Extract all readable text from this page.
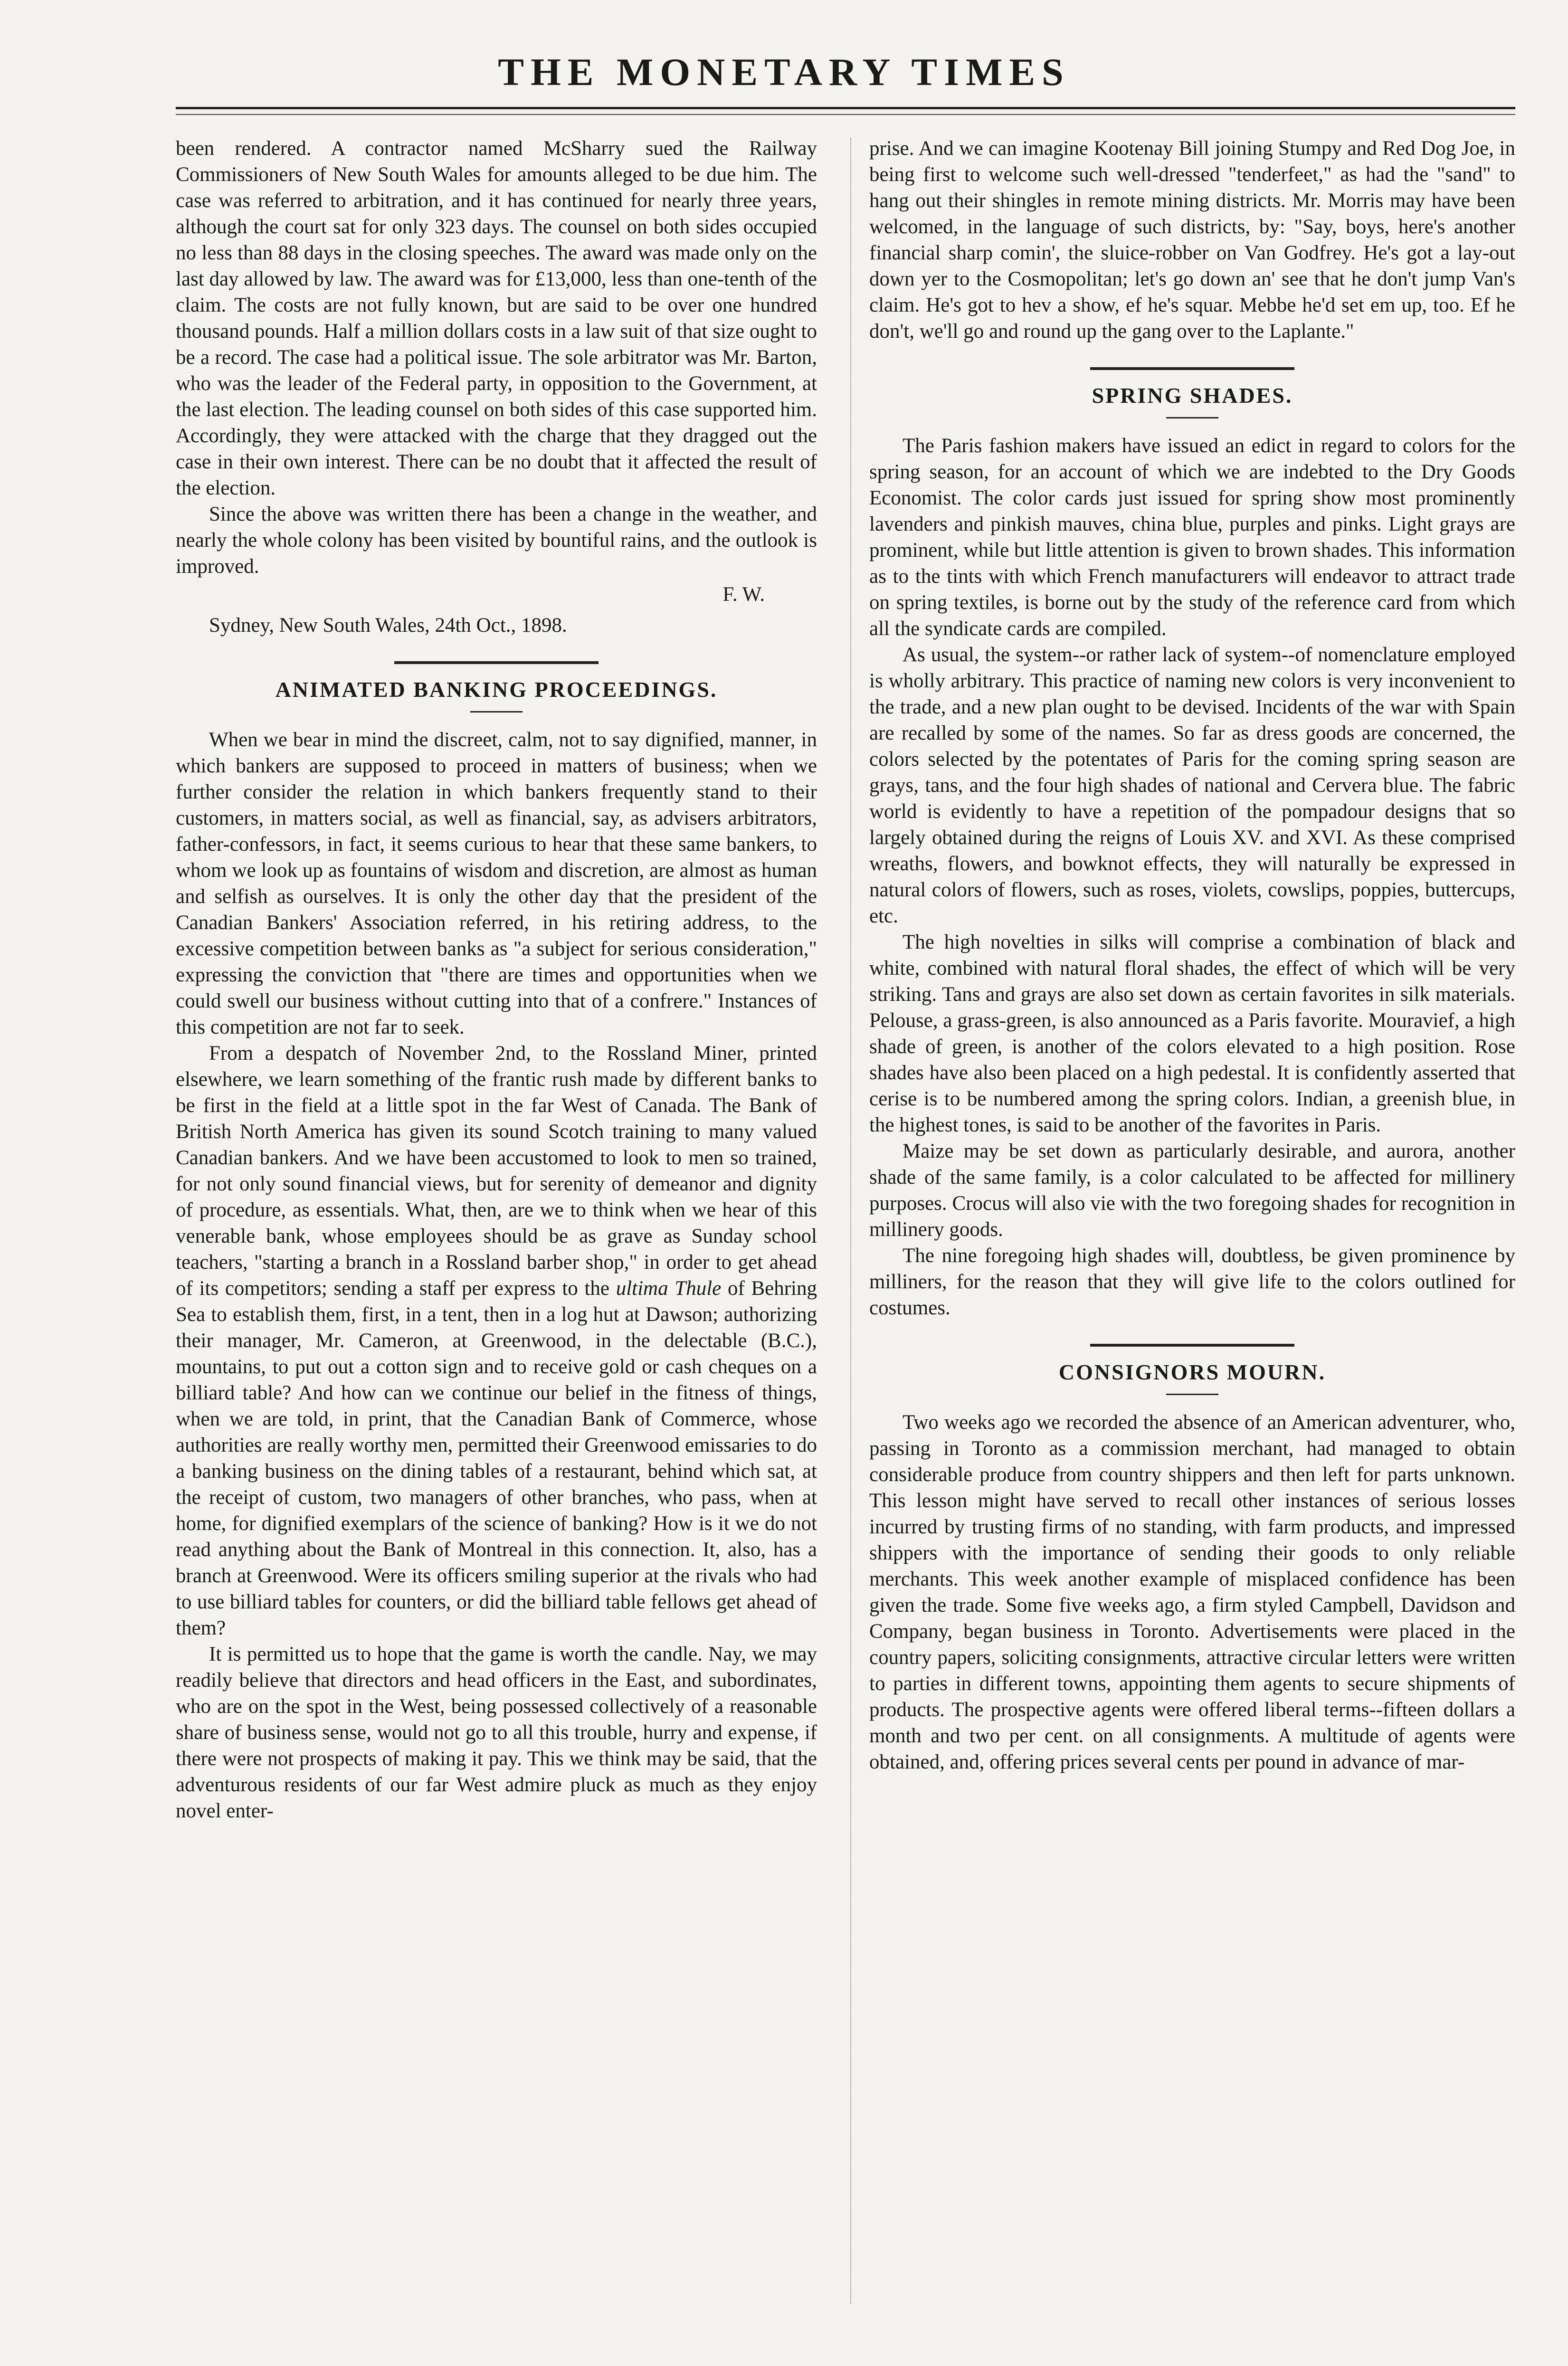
THE MONETARY TIMES

been rendered. A contractor named McSharry sued the Railway Commissioners of New South Wales for amounts alleged to be due him. The case was referred to arbitration, and it has continued for nearly three years, although the court sat for only 323 days. The counsel on both sides occupied no less than 88 days in the closing speeches. The award was made only on the last day allowed by law. The award was for £13,000, less than one-tenth of the claim. The costs are not fully known, but are said to be over one hundred thousand pounds. Half a million dollars costs in a law suit of that size ought to be a record. The case had a political issue. The sole arbitrator was Mr. Barton, who was the leader of the Federal party, in opposition to the Government, at the last election. The leading counsel on both sides of this case supported him. Accordingly, they were attacked with the charge that they dragged out the case in their own interest. There can be no doubt that it affected the result of the election.

Since the above was written there has been a change in the weather, and nearly the whole colony has been visited by bountiful rains, and the outlook is improved.

F. W.

Sydney, New South Wales, 24th Oct., 1898.

ANIMATED BANKING PROCEEDINGS.

When we bear in mind the discreet, calm, not to say dignified, manner, in which bankers are supposed to proceed in matters of business; when we further consider the relation in which bankers frequently stand to their customers, in matters social, as well as financial, say, as advisers arbitrators, father-confessors, in fact, it seems curious to hear that these same bankers, to whom we look up as fountains of wisdom and discretion, are almost as human and selfish as ourselves. It is only the other day that the president of the Canadian Bankers' Association referred, in his retiring address, to the excessive competition between banks as "a subject for serious consideration," expressing the conviction that "there are times and opportunities when we could swell our business without cutting into that of a confrere." Instances of this competition are not far to seek.

From a despatch of November 2nd, to the Rossland Miner, printed elsewhere, we learn something of the frantic rush made by different banks to be first in the field at a little spot in the far West of Canada. The Bank of British North America has given its sound Scotch training to many valued Canadian bankers. And we have been accustomed to look to men so trained, for not only sound financial views, but for serenity of demeanor and dignity of procedure, as essentials. What, then, are we to think when we hear of this venerable bank, whose employees should be as grave as Sunday school teachers, "starting a branch in a Rossland barber shop," in order to get ahead of its competitors; sending a staff per express to the ultima Thule of Behring Sea to establish them, first, in a tent, then in a log hut at Dawson; authorizing their manager, Mr. Cameron, at Greenwood, in the delectable (B.C.), mountains, to put out a cotton sign and to receive gold or cash cheques on a billiard table? And how can we continue our belief in the fitness of things, when we are told, in print, that the Canadian Bank of Commerce, whose authorities are really worthy men, permitted their Greenwood emissaries to do a banking business on the dining tables of a restaurant, behind which sat, at the receipt of custom, two managers of other branches, who pass, when at home, for dignified exemplars of the science of banking? How is it we do not read anything about the Bank of Montreal in this connection. It, also, has a branch at Greenwood. Were its officers smiling superior at the rivals who had to use billiard tables for counters, or did the billiard table fellows get ahead of them?

It is permitted us to hope that the game is worth the candle. Nay, we may readily believe that directors and head officers in the East, and subordinates, who are on the spot in the West, being possessed collectively of a reasonable share of business sense, would not go to all this trouble, hurry and expense, if there were not prospects of making it pay. This we think may be said, that the adventurous residents of our far West admire pluck as much as they enjoy novel enter-

prise. And we can imagine Kootenay Bill joining Stumpy and Red Dog Joe, in being first to welcome such well-dressed "tenderfeet," as had the "sand" to hang out their shingles in remote mining districts. Mr. Morris may have been welcomed, in the language of such districts, by: "Say, boys, here's another financial sharp comin', the sluice-robber on Van Godfrey. He's got a lay-out down yer to the Cosmopolitan; let's go down an' see that he don't jump Van's claim. He's got to hev a show, ef he's squar. Mebbe he'd set em up, too. Ef he don't, we'll go and round up the gang over to the Laplante."

SPRING SHADES.

The Paris fashion makers have issued an edict in regard to colors for the spring season, for an account of which we are indebted to the Dry Goods Economist. The color cards just issued for spring show most prominently lavenders and pinkish mauves, china blue, purples and pinks. Light grays are prominent, while but little attention is given to brown shades. This information as to the tints with which French manufacturers will endeavor to attract trade on spring textiles, is borne out by the study of the reference card from which all the syndicate cards are compiled.

As usual, the system--or rather lack of system--of nomenclature employed is wholly arbitrary. This practice of naming new colors is very inconvenient to the trade, and a new plan ought to be devised. Incidents of the war with Spain are recalled by some of the names. So far as dress goods are concerned, the colors selected by the potentates of Paris for the coming spring season are grays, tans, and the four high shades of national and Cervera blue. The fabric world is evidently to have a repetition of the pompadour designs that so largely obtained during the reigns of Louis XV. and XVI. As these comprised wreaths, flowers, and bowknot effects, they will naturally be expressed in natural colors of flowers, such as roses, violets, cowslips, poppies, buttercups, etc.

The high novelties in silks will comprise a combination of black and white, combined with natural floral shades, the effect of which will be very striking. Tans and grays are also set down as certain favorites in silk materials. Pelouse, a grass-green, is also announced as a Paris favorite. Mouravief, a high shade of green, is another of the colors elevated to a high position. Rose shades have also been placed on a high pedestal. It is confidently asserted that cerise is to be numbered among the spring colors. Indian, a greenish blue, in the highest tones, is said to be another of the favorites in Paris.

Maize may be set down as particularly desirable, and aurora, another shade of the same family, is a color calculated to be affected for millinery purposes. Crocus will also vie with the two foregoing shades for recognition in millinery goods.

The nine foregoing high shades will, doubtless, be given prominence by milliners, for the reason that they will give life to the colors outlined for costumes.

CONSIGNORS MOURN.

Two weeks ago we recorded the absence of an American adventurer, who, passing in Toronto as a commission merchant, had managed to obtain considerable produce from country shippers and then left for parts unknown. This lesson might have served to recall other instances of serious losses incurred by trusting firms of no standing, with farm products, and impressed shippers with the importance of sending their goods to only reliable merchants. This week another example of misplaced confidence has been given the trade. Some five weeks ago, a firm styled Campbell, Davidson and Company, began business in Toronto. Advertisements were placed in the country papers, soliciting consignments, attractive circular letters were written to parties in different towns, appointing them agents to secure shipments of products. The prospective agents were offered liberal terms--fifteen dollars a month and two per cent. on all consignments. A multitude of agents were obtained, and, offering prices several cents per pound in advance of mar-
